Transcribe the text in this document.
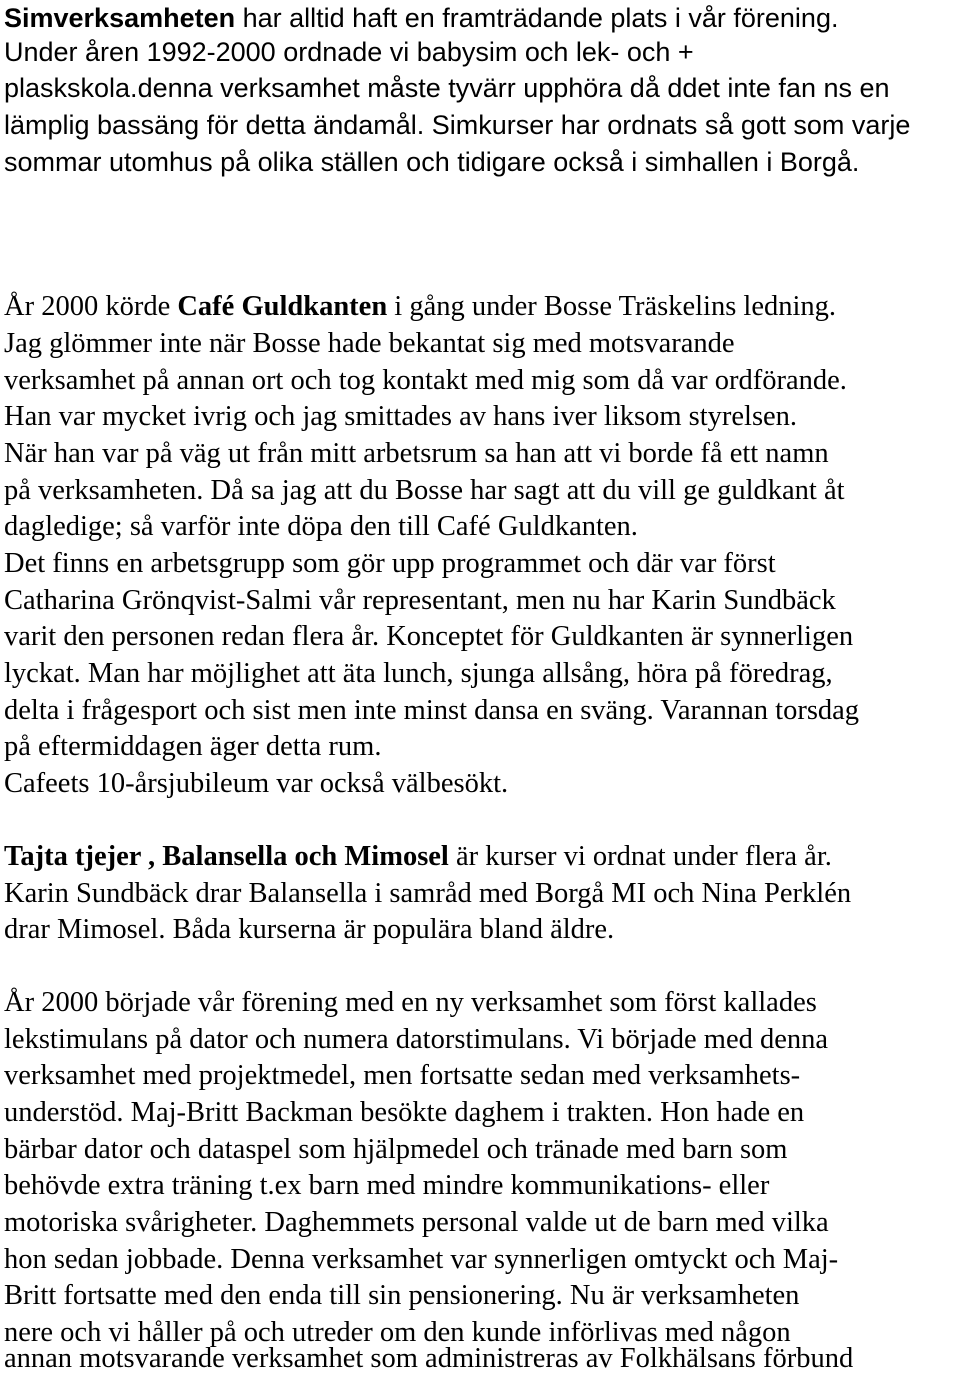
Simverksamheten har alltid haft en framträdande plats i vår förening.
Under åren 1992-2000 ordnade vi babysim och lek- och +
plaskskola.denna verksamhet måste tyvärr upphöra då ddet inte fan ns en
lämplig bassäng för detta ändamål. Simkurser har ordnats så gott som varje
sommar utomhus på olika ställen och tidigare också i simhallen i Borgå.
År 2000 körde Café Guldkanten i gång under Bosse Träskelins ledning.
Jag glömmer inte när Bosse hade bekantat sig med motsvarande
verksamhet på annan ort och tog kontakt med mig som då var ordförande.
Han var mycket ivrig och jag smittades av hans iver liksom styrelsen.
När han var på väg ut från mitt arbetsrum sa han att vi borde få ett namn
på verksamheten. Då sa jag att du Bosse har sagt att du vill ge guldkant åt
dagledige; så varför inte döpa den till Café Guldkanten.
Det finns en arbetsgrupp som gör upp programmet och där var först
Catharina Grönqvist-Salmi vår representant, men nu har Karin Sundbäck
varit den personen redan flera år. Konceptet för Guldkanten är synnerligen
lyckat. Man har möjlighet att äta lunch, sjunga allsång, höra på föredrag,
delta i frågesport och sist men inte minst dansa en sväng. Varannan torsdag
på eftermiddagen äger detta rum.
Cafeets 10-årsjubileum var också välbesökt.
Tajta tjejer , Balansella och Mimosel är kurser vi ordnat under flera år.
Karin Sundbäck drar Balansella i samråd med Borgå MI och Nina Perklén
drar Mimosel. Båda kurserna är populära bland äldre.
År 2000 började vår förening med en ny verksamhet som först kallades
lekstimulans på dator och numera datorstimulans. Vi började med denna
verksamhet med projektmedel, men fortsatte sedan med verksamhets-
understöd. Maj-Britt Backman besökte daghem i trakten. Hon hade en
bärbar dator och dataspel som hjälpmedel och tränade med barn som
behövde extra träning t.ex barn med mindre kommunikations- eller
motoriska svårigheter. Daghemmets personal valde ut de barn med vilka
hon sedan jobbade. Denna verksamhet var synnerligen omtyckt och Maj-
Britt fortsatte med den enda till sin pensionering. Nu är verksamheten
nere och vi håller på och utreder om den kunde införlivas med någon
annan motsvarande verksamhet som administreras av Folkhälsans förbund
